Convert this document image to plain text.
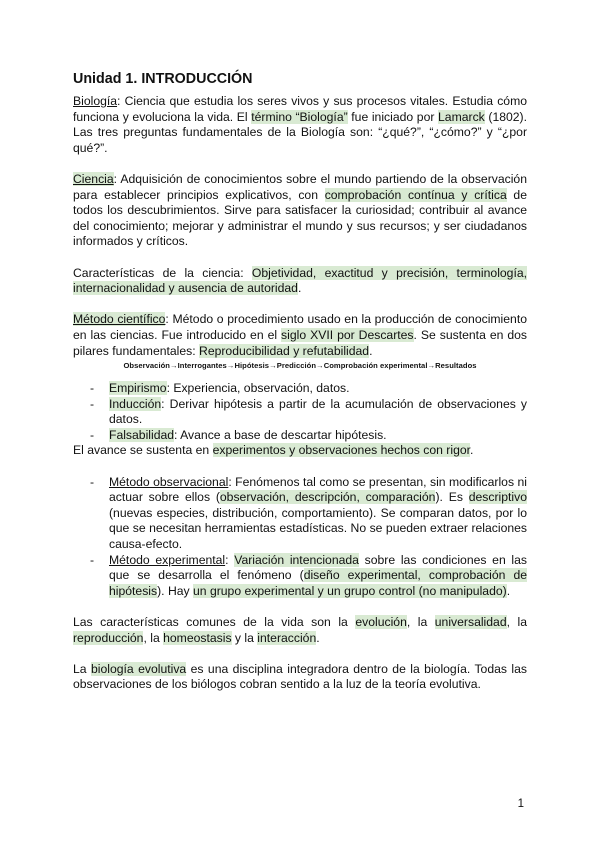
Unidad 1. INTRODUCCIÓN

Biología: Ciencia que estudia los seres vivos y sus procesos vitales. Estudia cómo funciona y evoluciona la vida. El término “Biología” fue iniciado por Lamarck (1802). Las tres preguntas fundamentales de la Biología son: “¿qué?”, “¿cómo?” y “¿por qué?”.

Ciencia: Adquisición de conocimientos sobre el mundo partiendo de la observación para establecer principios explicativos, con comprobación contínua y crítica de todos los descubrimientos. Sirve para satisfacer la curiosidad; contribuir al avance del conocimiento; mejorar y administrar el mundo y sus recursos; y ser ciudadanos informados y críticos.

Características de la ciencia: Objetividad, exactitud y precisión, terminología, internacionalidad y ausencia de autoridad.

Método científico: Método o procedimiento usado en la producción de conocimiento en las ciencias. Fue introducido en el siglo XVII por Descartes. Se sustenta en dos pilares fundamentales: Reproducibilidad y refutabilidad.

Observación→Interrogantes→Hipótesis→Predicción→Comprobación experimental→Resultados
- Empirismo: Experiencia, observación, datos.
- Inducción: Derivar hipótesis a partir de la acumulación de observaciones y datos.
- Falsabilidad: Avance a base de descartar hipótesis.

El avance se sustenta en experimentos y observaciones hechos con rigor.

- Método observacional: Fenómenos tal como se presentan, sin modificarlos ni actuar sobre ellos (observación, descripción, comparación). Es descriptivo (nuevas especies, distribución, comportamiento). Se comparan datos, por lo que se necesitan herramientas estadísticas. No se pueden extraer relaciones causa-efecto.
- Método experimental: Variación intencionada sobre las condiciones en las que se desarrolla el fenómeno (diseño experimental, comprobación de hipótesis). Hay un grupo experimental y un grupo control (no manipulado).

Las características comunes de la vida son la evolución, la universalidad, la reproducción, la homeostasis y la interacción.

La biología evolutiva es una disciplina integradora dentro de la biología. Todas las observaciones de los biólogos cobran sentido a la luz de la teoría evolutiva.

1
